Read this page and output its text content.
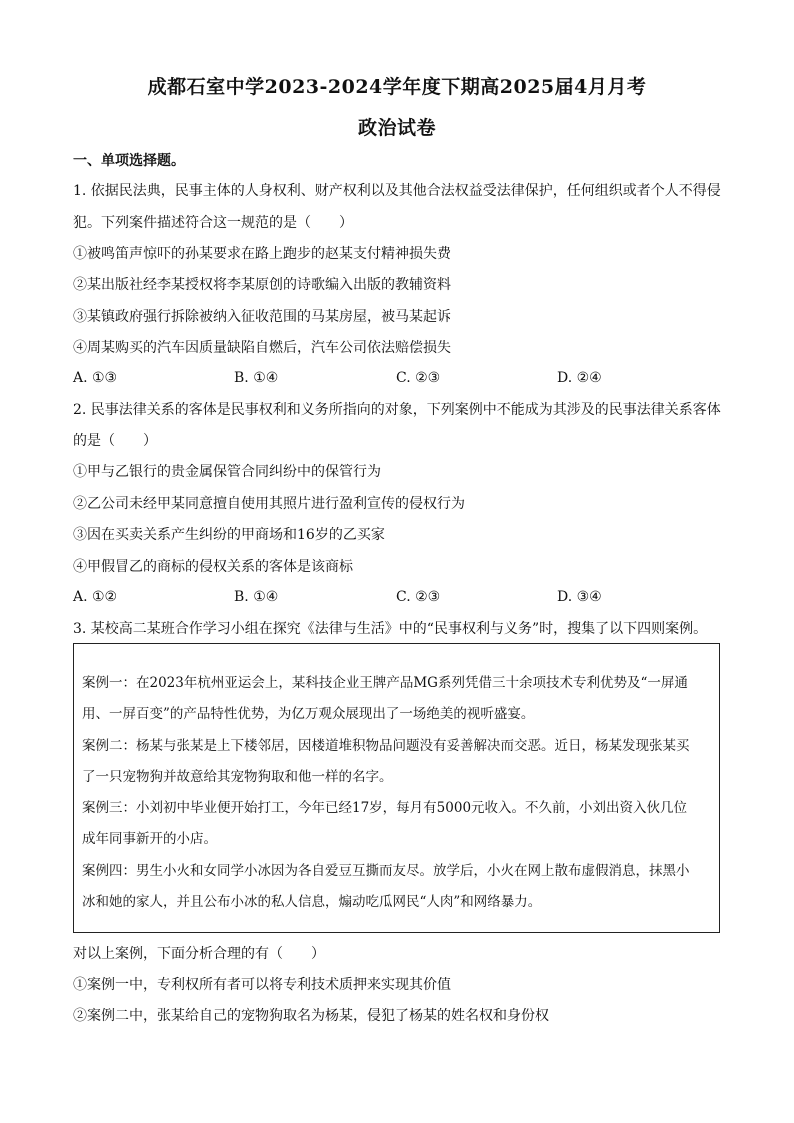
成都石室中学2023-2024学年度下期高2025届4月月考
政治试卷
一、单项选择题。
1. 依据民法典，民事主体的人身权利、财产权利以及其他合法权益受法律保护，任何组织或者个人不得侵
犯。下列案件描述符合这一规范的是（　　）
①被鸣笛声惊吓的孙某要求在路上跑步的赵某支付精神损失费
②某出版社经李某授权将李某原创的诗歌编入出版的教辅资料
③某镇政府强行拆除被纳入征收范围的马某房屋，被马某起诉
④周某购买的汽车因质量缺陷自燃后，汽车公司依法赔偿损失
A. ①③	B. ①④	C. ②③	D. ②④
2. 民事法律关系的客体是民事权利和义务所指向的对象，下列案例中不能成为其涉及的民事法律关系客体
的是（　　）
①甲与乙银行的贵金属保管合同纠纷中的保管行为
②乙公司未经甲某同意擅自使用其照片进行盈利宣传的侵权行为
③因在买卖关系产生纠纷的甲商场和16岁的乙买家
④甲假冒乙的商标的侵权关系的客体是该商标
A. ①②	B. ①④	C. ②③	D. ③④
3. 某校高二某班合作学习小组在探究《法律与生活》中的“民事权利与义务”时，搜集了以下四则案例。
案例一：在2023年杭州亚运会上，某科技企业王牌产品MG系列凭借三十余项技术专利优势及“一屏通
用、一屏百变”的产品特性优势，为亿万观众展现出了一场绝美的视听盛宴。
案例二：杨某与张某是上下楼邻居，因楼道堆积物品问题没有妥善解决而交恶。近日，杨某发现张某买
了一只宠物狗并故意给其宠物狗取和他一样的名字。
案例三：小刘初中毕业便开始打工，今年已经17岁，每月有5000元收入。不久前，小刘出资入伙几位
成年同事新开的小店。
案例四：男生小火和女同学小冰因为各自爱豆互撕而友尽。放学后，小火在网上散布虚假消息，抹黑小
冰和她的家人，并且公布小冰的私人信息，煽动吃瓜网民“人肉”和网络暴力。
对以上案例，下面分析合理的有（　　）
①案例一中，专利权所有者可以将专利技术质押来实现其价值
②案例二中，张某给自己的宠物狗取名为杨某，侵犯了杨某的姓名权和身份权
